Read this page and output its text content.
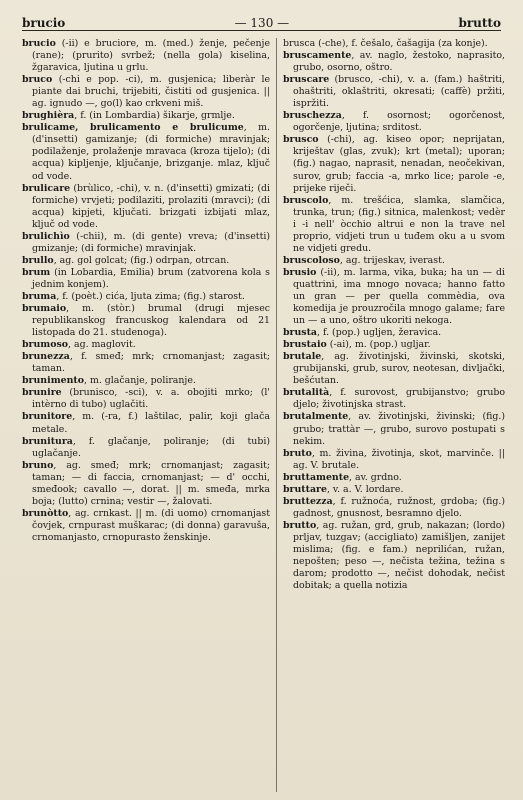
brucio	— 130 —	brutto
brucio (-ii) e bruciore, m. (med.) ženje, pečenje (rane); (prurito) svrbež; (nella gola) kiselina, žgaravica, ljutina u grlu.
bruco (-chi e pop. -ci), m. gusjenica; liberàr le piante dai bruchi, trijebiti, čistiti od gusjenica. || ag. ignudo —, go(l) kao crkveni miš.
brughièra, f. (in Lombardia) šikarje, grmlje.
brulicame, brulicamento e brulicume, m. (d'insetti) gamizanje; (di formiche) mravinjak; podilaženje, prolaženje mravaca (kroza tijelo); (di acqua) kiplјenje, ključanje, brizganje. mlaz, ključ od vode.
brulicare (brùlico, -chi), v. n. (d'insetti) gmizati; (di formiche) vrvjeti; podilaziti, prolaziti (mravci); (di acqua) kipjeti, ključati. brizgati izbijati mlaz, ključ od vode.
brulichìo (-chii), m. (di gente) vreva; (d'insetti) gmizanje; (di formiche) mravinjak.
brullo, ag. gol golcat; (fig.) odrpan, otrcan.
brum (in Lobardia, Emilia) brum (zatvorena kola s jednim konjem).
bruma, f. (poèt.) cića, ljuta zima; (fig.) starost.
brumaio, m. (stòr.) brumal (drugi mjesec republikanskog francuskog kalendara od 21 listopada do 21. studenoga).
brumoso, ag. maglovit.
brunezza, f. smeđ; mrk; crnomanjast; zagasit; taman.
brunimento, m. glačanje, poliranje.
brunire (brunisco, -sci), v. a. obojiti mrko; (l' intèrno di tubo) uglačiti.
brunitore, m. (-ra, f.) laštilac, palir, koji glača metale.
brunitura, f. glačanje, poliranje; (di tubi) uglačanje.
bruno, ag. smeđ; mrk; crnomanjast; zagasit; taman; — di faccia, crnomanjast; — d' occhi, smeđook; cavallo —, dorat. || m. smeđa, mrka boja; (lutto) crnina; vestir —, žalovati.
brunòtto, ag. crnkast. || m. (di uomo) crnomanjast čovjek, crnpurast muškarac; (di donna) garavuša, crnomanjasto, crnopurasto ženskinje.
brusca (-che), f. češalo, čašagija (za konje).
bruscamente, av. naglo, žestoko, naprasito, grubo, osorno, oštro.
bruscare (brusco, -chi), v. a. (fam.) haštriti, ohaštriti, oklaštriti, okresati; (caffè) pržiti, ispržiti.
bruschezza, f. osornost; ogorčenost, ogorčenje, ljutina; srditost.
brusco (-chi), ag. kiseo opor; neprijatan, kriještav (glas, zvuk); krt (metal); uporan; (fig.) nagao, naprasit, nenadan, neočekivan, surov, grub; faccia -a, mrko lice; parole -e, prijeke riječi.
bruscolo, m. trešćica, slamka, slamčica, trunka, trun; (fig.) sitnica, malenkost; vedèr i -i nell' òcchio altrui e non la trave nel proprio, vidjeti trun u tuđem oku a u svom ne vidjeti gredu.
bruscoloso, ag. trijeskav, iverast.
brusio (-ii), m. larma, vika, buka; ha un — di quattrini, ima mnogo novaca; hanno fatto un gran — per quella commèdia, ova komedija je prouzročila mnogo galame; fare un — a uno, oštro ukoriti nekoga.
brusta, f. (pop.) uglјen, žeravica.
brustaio (-ai), m. (pop.) ugljar.
brutale, ag. životinjski, živinski, skotski, grubijanski, grub, surov, neotesan, divljački, bešćutan.
brutalità, f. surovost, grubijanstvo; grubo djelo; životinjska strast.
brutalmente, av. životinjski, živinski; (fig.) grubo; trattàr —, grubo, surovo postupati s nekim.
bruto, m. živina, životinja, skot, marvinče. || ag. V. brutale.
bruttamente, av. grdno.
bruttare, v. a. V. lordare.
bruttezza, f. ružnoća, ružnost, grdoba; (fig.) gadnost, gnusnost, besramno djelo.
brutto, ag. ružan, grd, grub, nakazan; (lordo) prljav, tuzgav; (accigliato) zamišljen, zanijet mislima; (fig. e fam.) neprilićan, ružan, nepošten; peso —, nečista težina, težina s darom; prodotto —, nečist dohodak, nečist dobitak; a quella notizia
